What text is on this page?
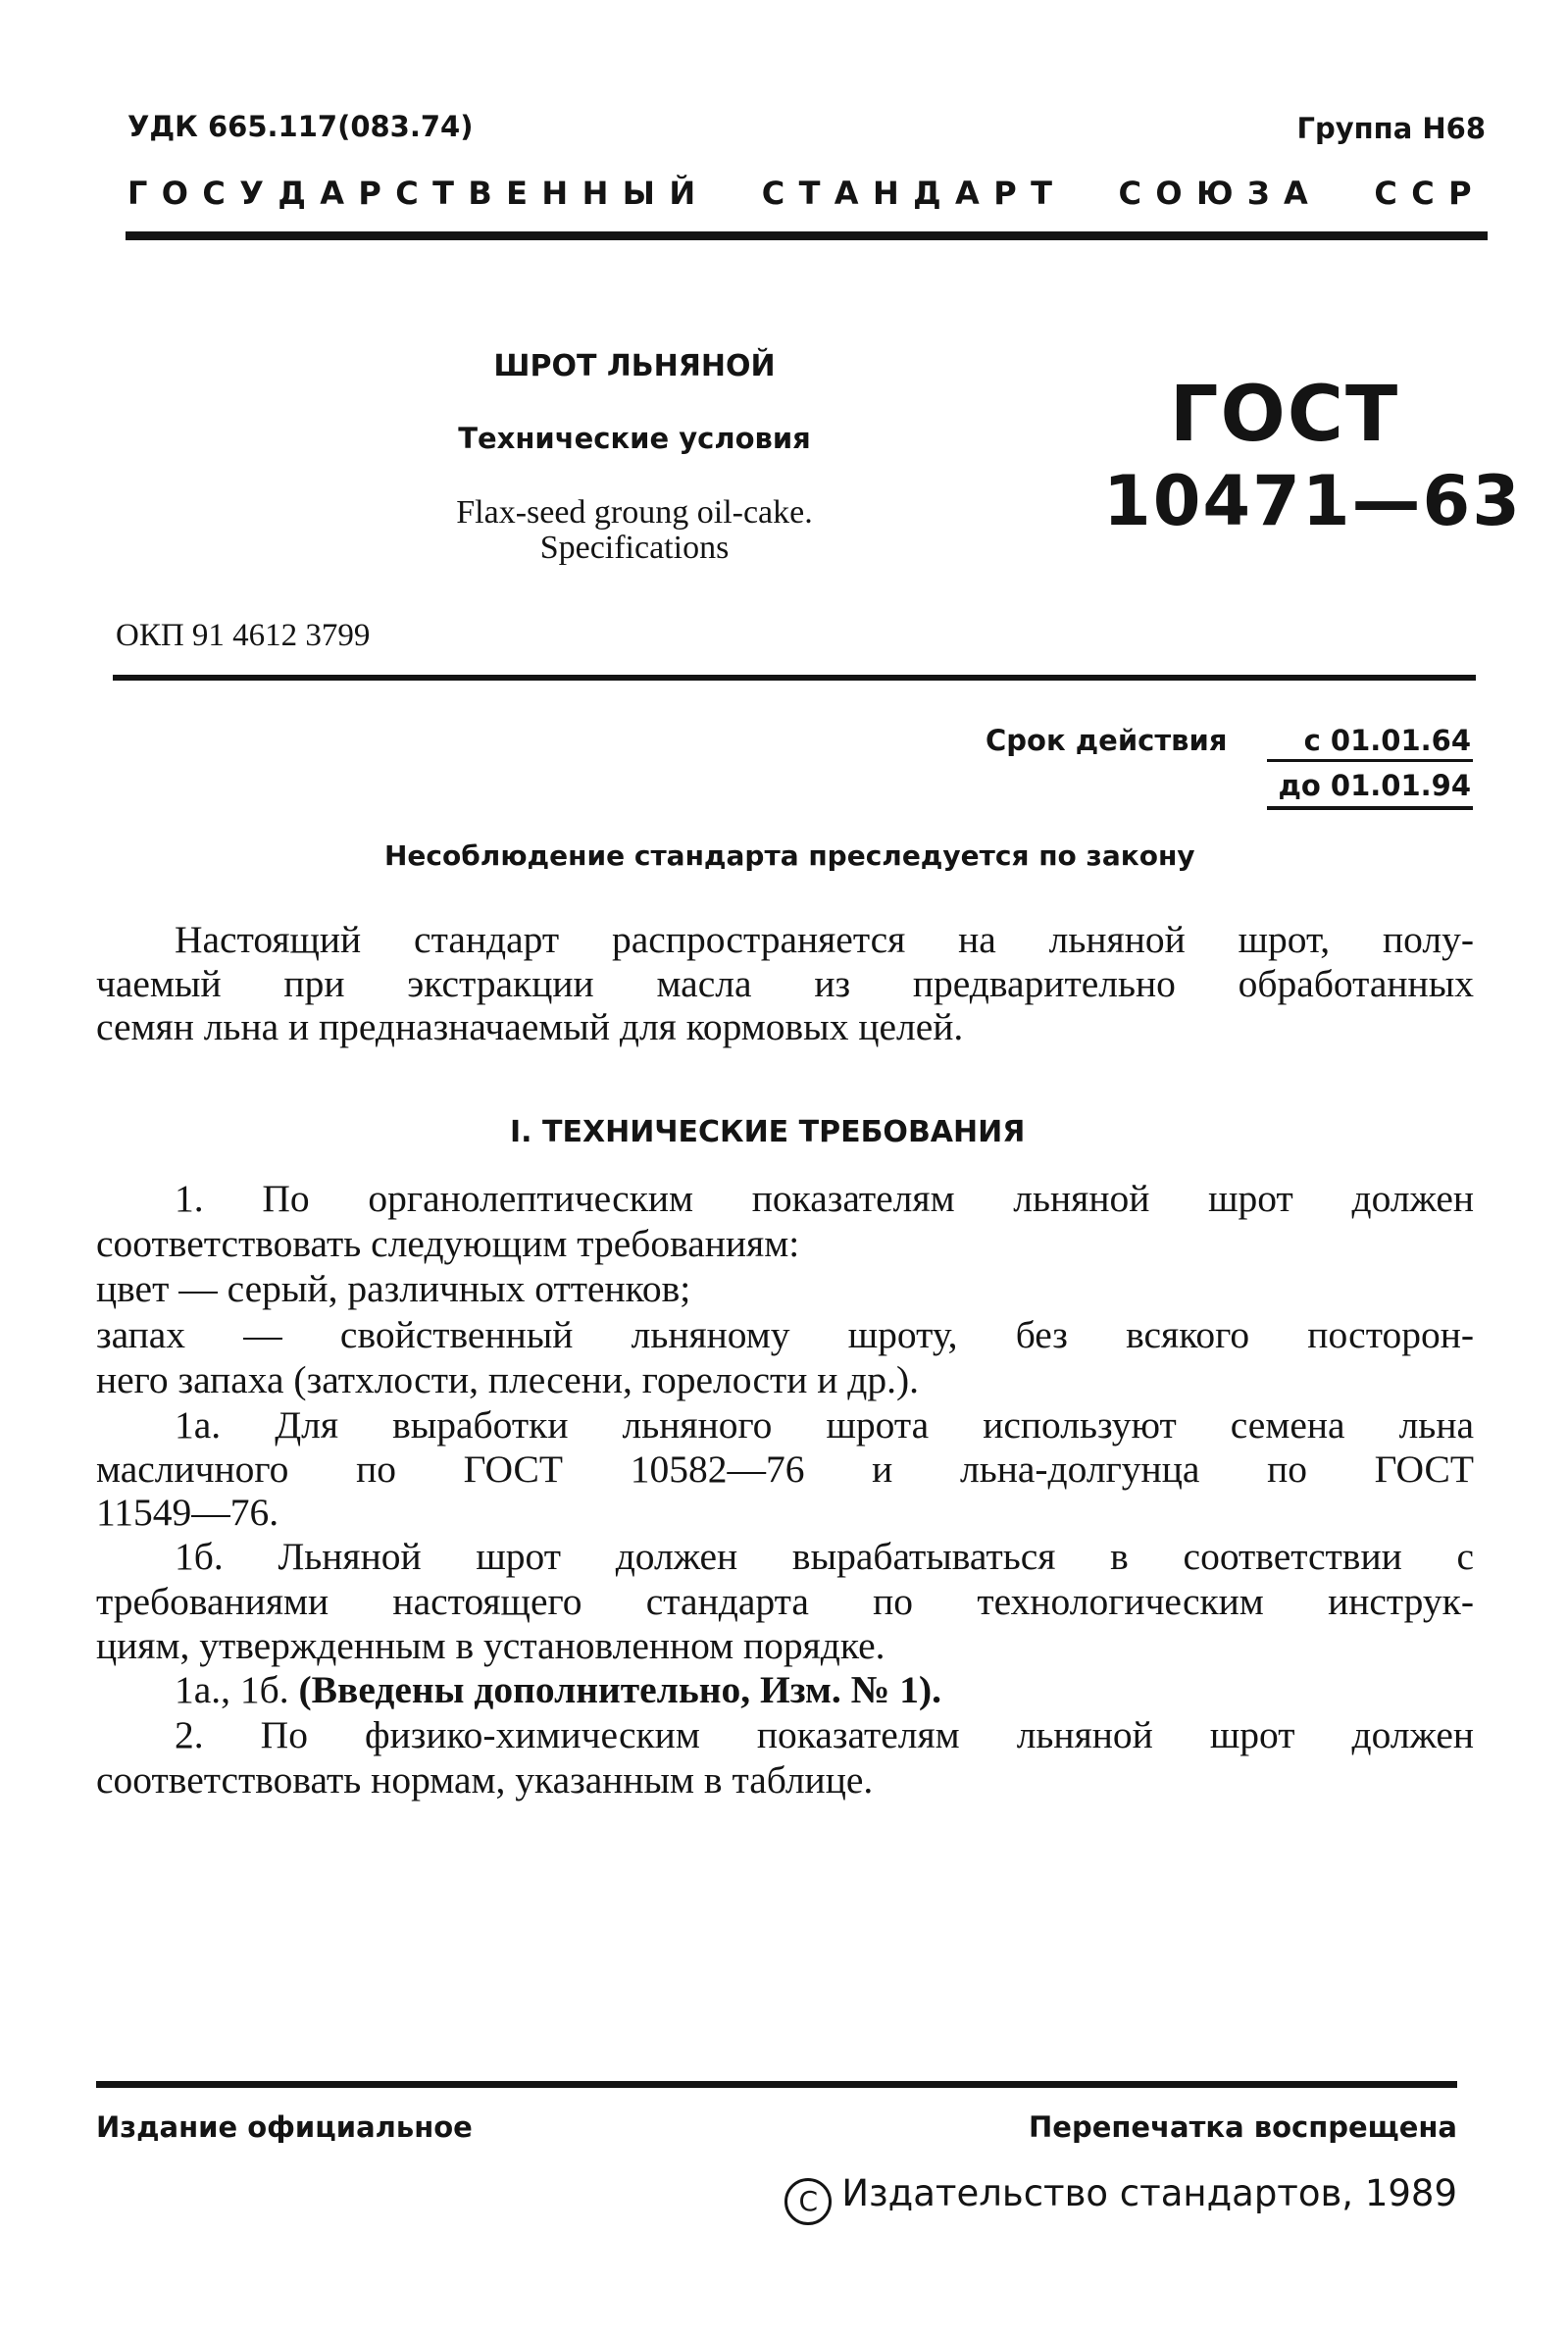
УДК 665.117(083.74)	Группа Н68
ГОСУДАРСТВЕННЫЙ СТАНДАРТ СОЮЗА ССР
ШРОТ ЛЬНЯНОЙ
Технические условия
Flax-seed groung oil-cake.
Specifications
ГОСТ
10471—63
ОКП 91 4612 3799
Срок действия	с 01.01.64
до 01.01.94
Несоблюдение стандарта преследуется по закону
Настоящий стандарт распространяется на льняной шрот, полу-
чаемый при экстракции масла из предварительно обработанных
семян льна и предназначаемый для кормовых целей.
I. ТЕХНИЧЕСКИЕ ТРЕБОВАНИЯ
1. По органолептическим показателям льняной шрот должен
соответствовать следующим требованиям:
цвет — серый, различных оттенков;
запах — свойственный льняному шроту, без всякого посторон-
него запаха (затхлости, плесени, горелости и др.).
1а. Для выработки льняного шрота используют семена льна
масличного по ГОСТ 10582—76 и льна-долгунца по ГОСТ
11549—76.
1б. Льняной шрот должен вырабатываться в соответствии с
требованиями настоящего стандарта по технологическим инструк-
циям, утвержденным в установленном порядке.
1а., 1б. (Введены дополнительно, Изм. № 1).
2. По физико-химическим показателям льняной шрот должен
соответствовать нормам, указанным в таблице.
Издание официальное	Перепечатка воспрещена
C Издательство стандартов, 1989
